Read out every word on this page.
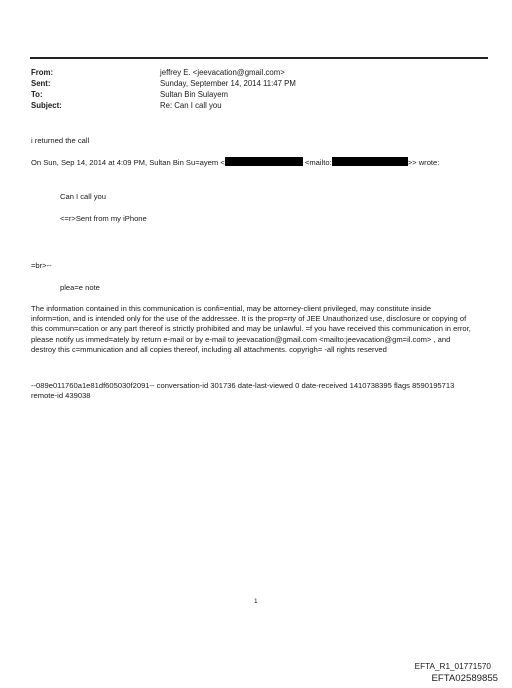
From:	jeffrey E. <jeevacation@gmail.com>
Sent:	Sunday, September 14, 2014 11:47 PM
To:	Sultan Bin Sulayem
Subject:	Re: Can I call you
i returned the call
On Sun, Sep 14, 2014 at 4:09 PM, Sultan Bin Su=ayem <	<mailto:	>> wrote:
Can I call you
<=r>Sent from my iPhone
=br>--
plea=e note
The information contained in this communication is confi=ential, may be attorney-client privileged, may constitute inside inform=tion, and is intended only for the use of the addressee. It is the prop=rty of JEE Unauthorized use, disclosure or copying of this commun=cation or any part thereof is strictly prohibited and may be unlawful. =f you have received this communication in error, please notify us immed=ately by return e-mail or by e-mail to jeevacation@gmail.com <mailto:jeevacation@gm=il.com> , and destroy this c=mmunication and all copies thereof, including all attachments. copyrigh= -all rights reserved
--089e011760a1e81df605030f2091-- conversation-id 301736 date-last-viewed 0 date-received 1410738395 flags 8590195713 remote-id 439038
1
EFTA_R1_01771570
EFTA02589855
